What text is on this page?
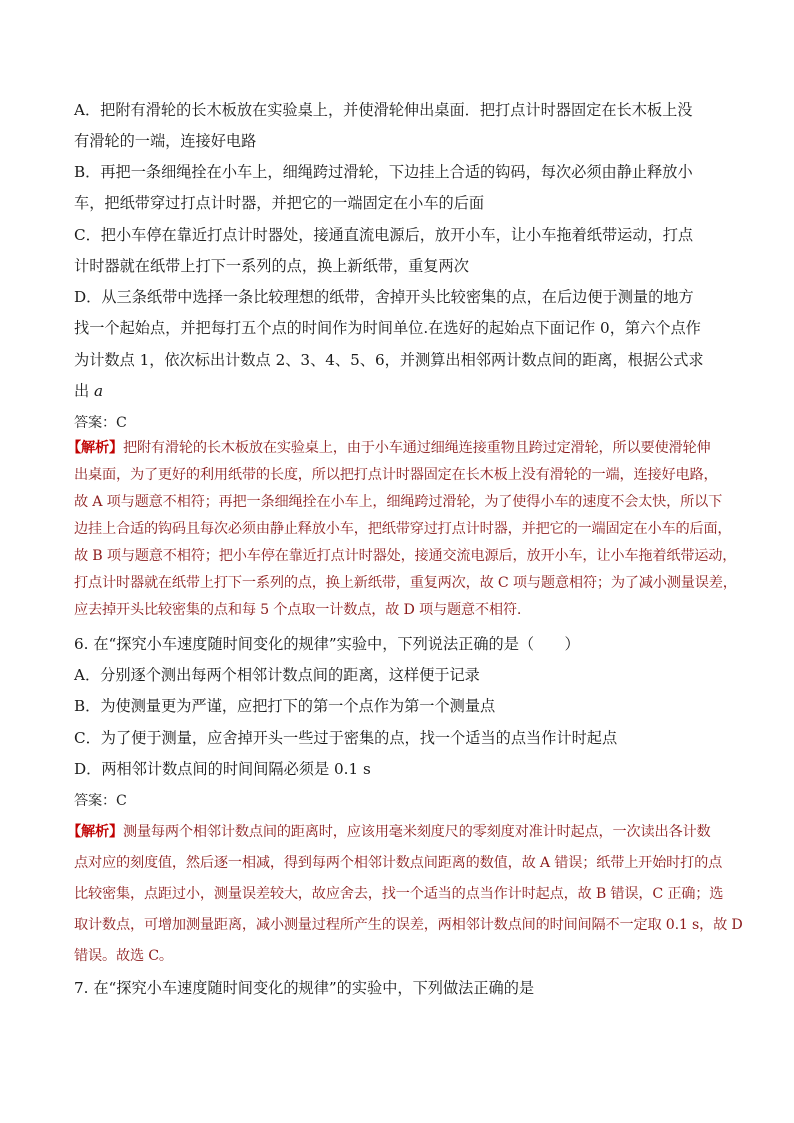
A．把附有滑轮的长木板放在实验桌上，并使滑轮伸出桌面．把打点计时器固定在长木板上没
有滑轮的一端，连接好电路
B．再把一条细绳拴在小车上，细绳跨过滑轮，下边挂上合适的钩码，每次必须由静止释放小
车，把纸带穿过打点计时器，并把它的一端固定在小车的后面
C．把小车停在靠近打点计时器处，接通直流电源后，放开小车，让小车拖着纸带运动，打点
计时器就在纸带上打下一系列的点，换上新纸带，重复两次
D．从三条纸带中选择一条比较理想的纸带，舍掉开头比较密集的点，在后边便于测量的地方
找一个起始点，并把每打五个点的时间作为时间单位.在选好的起始点下面记作 0，第六个点作
为计数点 1，依次标出计数点 2、3、4、5、6，并测算出相邻两计数点间的距离，根据公式求
出 a
答案：C
【解析】把附有滑轮的长木板放在实验桌上，由于小车通过细绳连接重物且跨过定滑轮，所以要使滑轮伸
出桌面，为了更好的利用纸带的长度，所以把打点计时器固定在长木板上没有滑轮的一端，连接好电路，
故 A 项与题意不相符；再把一条细绳拴在小车上，细绳跨过滑轮，为了使得小车的速度不会太快，所以下
边挂上合适的钩码且每次必须由静止释放小车，把纸带穿过打点计时器，并把它的一端固定在小车的后面，
故 B 项与题意不相符；把小车停在靠近打点计时器处，接通交流电源后，放开小车，让小车拖着纸带运动，
打点计时器就在纸带上打下一系列的点，换上新纸带，重复两次，故 C 项与题意相符；为了减小测量误差，
应去掉开头比较密集的点和每 5 个点取一计数点，故 D 项与题意不相符.
6. 在“探究小车速度随时间变化的规律”实验中，下列说法正确的是（　　）
A．分别逐个测出每两个相邻计数点间的距离，这样便于记录
B．为使测量更为严谨，应把打下的第一个点作为第一个测量点
C．为了便于测量，应舍掉开头一些过于密集的点，找一个适当的点当作计时起点
D．两相邻计数点间的时间间隔必须是 0.1 s
答案：C
【解析】测量每两个相邻计数点间的距离时，应该用毫米刻度尺的零刻度对准计时起点，一次读出各计数
点对应的刻度值，然后逐一相减，得到每两个相邻计数点间距离的数值，故 A 错误；纸带上开始时打的点
比较密集，点距过小，测量误差较大，故应舍去，找一个适当的点当作计时起点，故 B 错误，C 正确；选
取计数点，可增加测量距离，减小测量过程所产生的误差，两相邻计数点间的时间间隔不一定取 0.1 s，故 D
错误。故选 C。
7. 在“探究小车速度随时间变化的规律”的实验中，下列做法正确的是
